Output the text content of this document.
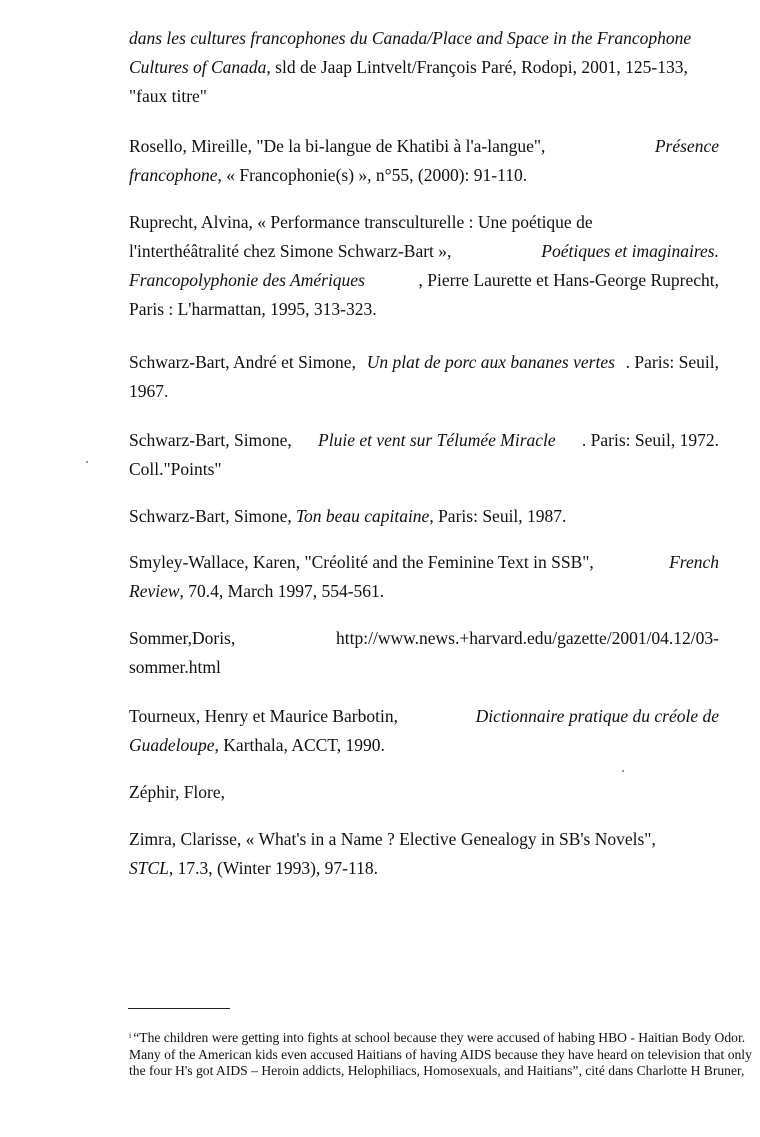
dans les cultures francophones du Canada/Place and Space in the Francophone
Cultures of Canada, sld de Jaap Lintvelt/François Paré, Rodopi, 2001, 125-133,
"faux titre"
Rosello, Mireille, "De la bi-langue de Khatibi à l'a-langue",	Présence
francophone, « Francophonie(s) », n°55, (2000): 91-110.
Ruprecht, Alvina, « Performance transculturelle : Une poétique de
l'interthéâtralité chez Simone Schwarz-Bart »,	Poétiques et imaginaires.
Francopolyphonie des Amériques	, Pierre Laurette et Hans-George Ruprecht,
Paris : L'harmattan, 1995, 313-323.
Schwarz-Bart, André et Simone, Un plat de porc aux bananes vertes . Paris: Seuil,
1967.
Schwarz-Bart, Simone, Pluie et vent sur Télumée Miracle . Paris: Seuil, 1972.
Coll."Points"
Schwarz-Bart, Simone, Ton beau capitaine , Paris: Seuil, 1987.
Smyley-Wallace, Karen, "Créolité and the Feminine Text in SSB",	French
Review, 70.4, March 1997, 554-561.
Sommer,Doris,	http://www.news.+harvard.edu/gazette/2001/04.12/03-
sommer.html
Tourneux, Henry et Maurice Barbotin,	Dictionnaire pratique du créole de
Guadeloupe, Karthala, ACCT, 1990.
Zéphir, Flore,
Zimra, Clarisse, « What's in a Name ? Elective Genealogy in SB's Novels",
STCL, 17.3, (Winter 1993), 97-118.
$^i$ “The children were getting into fights at school because they were accused of habing HBO - Haitian Body Odor.
Many of the American kids even accused Haitians of having AIDS because they have heard on television that only
the four H's got AIDS – Heroin addicts, Helophiliacs, Homosexuals, and Haitians”, cité dans Charlotte H Bruner,
